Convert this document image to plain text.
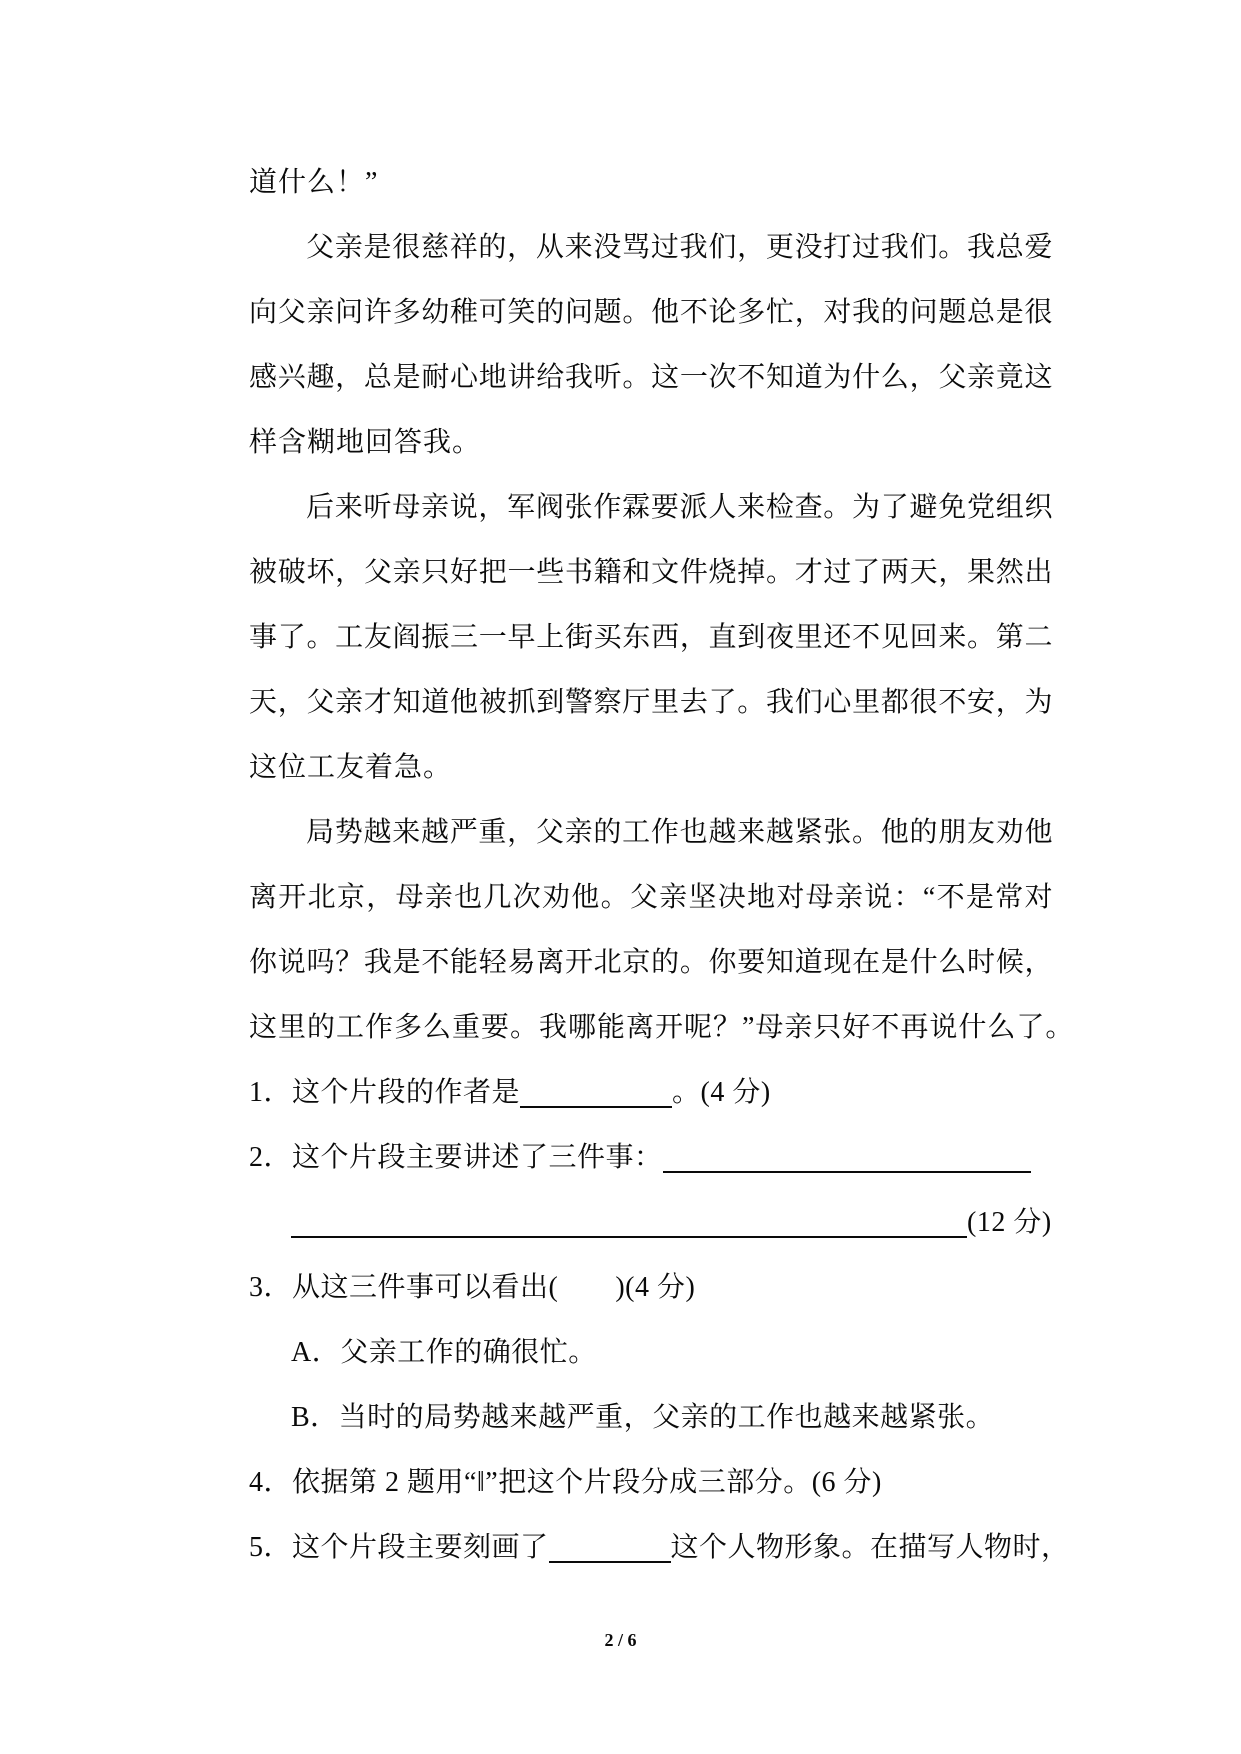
道什么！”
父亲是很慈祥的，从来没骂过我们，更没打过我们。我总爱
向父亲问许多幼稚可笑的问题。他不论多忙，对我的问题总是很
感兴趣，总是耐心地讲给我听。这一次不知道为什么，父亲竟这
样含糊地回答我。
后来听母亲说，军阀张作霖要派人来检查。为了避免党组织
被破坏，父亲只好把一些书籍和文件烧掉。才过了两天，果然出
事了。工友阎振三一早上街买东西，直到夜里还不见回来。第二
天，父亲才知道他被抓到警察厅里去了。我们心里都很不安，为
这位工友着急。
局势越来越严重，父亲的工作也越来越紧张。他的朋友劝他
离开北京，母亲也几次劝他。父亲坚决地对母亲说：“不是常对
你说吗？我是不能轻易离开北京的。你要知道现在是什么时候，
这里的工作多么重要。我哪能离开呢？”母亲只好不再说什么了。
1．这个片段的作者是	。(4 分)
2．这个片段主要讲述了三件事：
(12 分)
3．从这三件事可以看出(　　)(4 分)
A．父亲工作的确很忙。
B．当时的局势越来越严重，父亲的工作也越来越紧张。
4．依据第 2 题用“‖”把这个片段分成三部分。(6 分)
5．这个片段主要刻画了	这个人物形象。在描写人物时，
2 / 6
